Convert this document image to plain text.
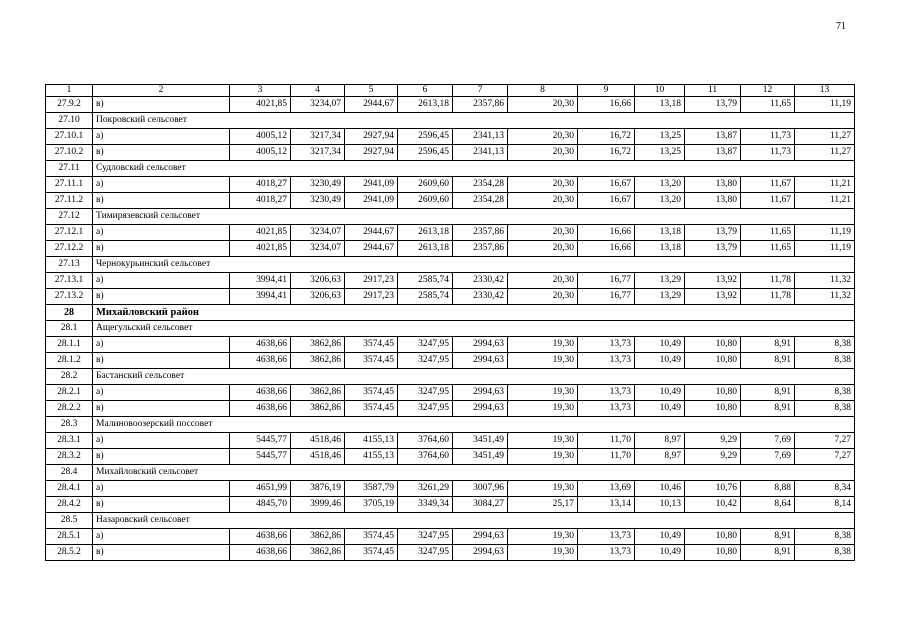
71
1	2	3	4	5	6	7	8	9	10	11	12	13
27.9.2	в)	4021,85	3234,07	2944,67	2613,18	2357,86	20,30	16,66	13,18	13,79	11,65	11,19
27.10	Покровский сельсовет											
27.10.1	а)	4005,12	3217,34	2927,94	2596,45	2341,13	20,30	16,72	13,25	13,87	11,73	11,27
27.10.2	в)	4005,12	3217,34	2927,94	2596,45	2341,13	20,30	16,72	13,25	13,87	11,73	11,27
27.11	Судловский сельсовет											
27.11.1	а)	4018,27	3230,49	2941,09	2609,60	2354,28	20,30	16,67	13,20	13,80	11,67	11,21
27.11.2	в)	4018,27	3230,49	2941,09	2609,60	2354,28	20,30	16,67	13,20	13,80	11,67	11,21
27.12	Тимирязевский сельсовет											
27.12.1	а)	4021,85	3234,07	2944,67	2613,18	2357,86	20,30	16,66	13,18	13,79	11,65	11,19
27.12.2	в)	4021,85	3234,07	2944,67	2613,18	2357,86	20,30	16,66	13,18	13,79	11,65	11,19
27.13	Чернокурьинский сельсовет											
27.13.1	а)	3994,41	3206,63	2917,23	2585,74	2330,42	20,30	16,77	13,29	13,92	11,78	11,32
27.13.2	в)	3994,41	3206,63	2917,23	2585,74	2330,42	20,30	16,77	13,29	13,92	11,78	11,32
28	Михайловский район											
28.1	Ащегульский сельсовет											
28.1.1	а)	4638,66	3862,86	3574,45	3247,95	2994,63	19,30	13,73	10,49	10,80	8,91	8,38
28.1.2	в)	4638,66	3862,86	3574,45	3247,95	2994,63	19,30	13,73	10,49	10,80	8,91	8,38
28.2	Бастанский сельсовет											
28.2.1	а)	4638,66	3862,86	3574,45	3247,95	2994,63	19,30	13,73	10,49	10,80	8,91	8,38
28.2.2	в)	4638,66	3862,86	3574,45	3247,95	2994,63	19,30	13,73	10,49	10,80	8,91	8,38
28.3	Малиновоозерский поссовет											
28.3.1	а)	5445,77	4518,46	4155,13	3764,60	3451,49	19,30	11,70	8,97	9,29	7,69	7,27
28.3.2	в)	5445,77	4518,46	4155,13	3764,60	3451,49	19,30	11,70	8,97	9,29	7,69	7,27
28.4	Михайловский сельсовет											
28.4.1	а)	4651,99	3876,19	3587,79	3261,29	3007,96	19,30	13,69	10,46	10,76	8,88	8,34
28.4.2	в)	4845,70	3999,46	3705,19	3349,34	3084,27	25,17	13,14	10,13	10,42	8,64	8,14
28.5	Назаровский сельсовет											
28.5.1	а)	4638,66	3862,86	3574,45	3247,95	2994,63	19,30	13,73	10,49	10,80	8,91	8,38
28.5.2	в)	4638,66	3862,86	3574,45	3247,95	2994,63	19,30	13,73	10,49	10,80	8,91	8,38
